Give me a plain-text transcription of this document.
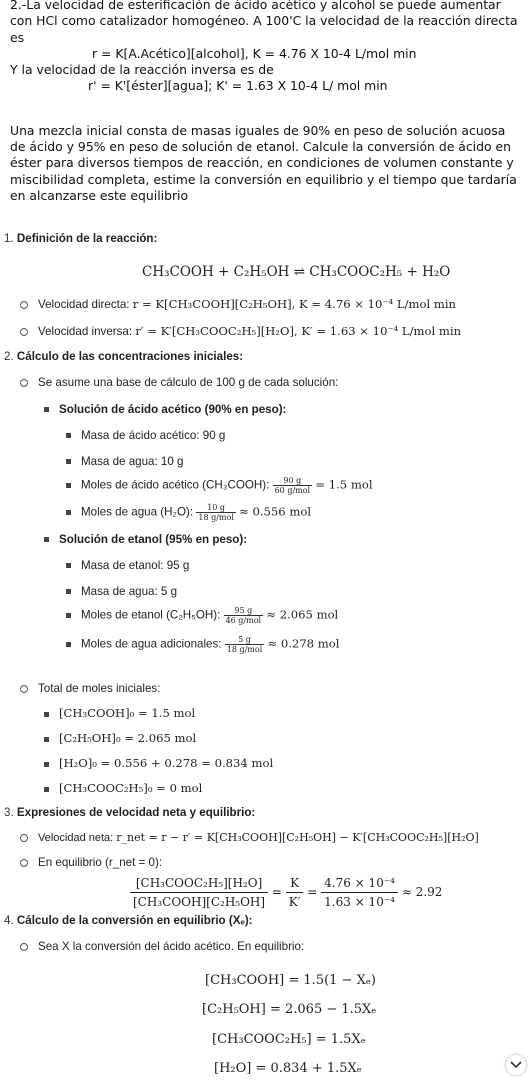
2.-La velocidad de esterificación de ácido acético y alcohol se puede aumentar con HCl como catalizador homogéneo. A 100'C la velocidad de la reacción directa es

r = K[A.Acético][alcohol], K = 4.76 X 10-4 L/mol min

Y la velocidad de la reacción inversa es de

r' = K'[éster][agua]; K' = 1.63 X 10-4 L/ mol min

Una mezcla inicial consta de masas iguales de 90% en peso de solución acuosa de ácido y 95% en peso de solución de etanol. Calcule la conversión de ácido en éster para diversos tiempos de reacción, en condiciones de volumen constante y miscibilidad completa, estime la conversión en equilibrio y el tiempo que tardaría en alcanzarse este equilibrio

1. Definición de la reacción:
CH₃COOH + C₂H₅OH ⇌ CH₃COOC₂H₅ + H₂O
Velocidad directa: r = K[CH₃COOH][C₂H₅OH], K = 4.76 × 10⁻⁴ L/mol min
Velocidad inversa: r′ = K′[CH₃COOC₂H₅][H₂O], K′ = 1.63 × 10⁻⁴ L/mol min
2. Cálculo de las concentraciones iniciales:
Se asume una base de cálculo de 100 g de cada solución:
Solución de ácido acético (90% en peso):
Masa de ácido acético: 90 g
Masa de agua: 10 g
Moles de ácido acético (CH₃COOH): $\frac{90 g}{\text{60 g/mol}} = 1.5$ mol
Moles de agua (H₂O): $\frac{10 g}{\text{18 g/mol}} \approx 0.556$ mol
Solución de etanol (95% en peso):
Masa de etanol: 95 g
Masa de agua: 5 g
Moles de etanol (C₂H₅OH): $\frac{95 g}{\text{46 g/mol}} \approx 2.065$ mol
Moles de agua adicionales: $\frac{5 g}{\text{18 g/mol}} \approx 0.278$ mol
Total de moles iniciales:
[CH₃COOH]₀ = 1.5 mol
[C₂H₅OH]₀ = 2.065 mol
[H₂O]₀ = 0.556 + 0.278 = 0.834 mol
[CH₃COOC₂H₅]₀ = 0 mol
3. Expresiones de velocidad neta y equilibrio:
Velocidad neta: r_net = r − r′ = K[CH₃COOH][C₂H₅OH] − K′[CH₃COOC₂H₅][H₂O]
En equilibrio (r_net = 0):
[CH₃COOC₂H₅][H₂O]
[CH₃COOH][C₂H₅OH]
= $\frac{K}{K'} = \frac{\text{4.76 × 10⁻⁴}}{\text{1.63 × 10⁻⁴}} \approx 2.92$
4. Cálculo de la conversión en equilibrio (Xₑ):
Sea X la conversión del ácido acético. En equilibrio:
[CH₃COOH] = 1.5(1 − Xₑ)
[C₂H₅OH] = 2.065 − 1.5Xₑ
[CH₃COOC₂H₅] = 1.5Xₑ
[H₂O] = 0.834 + 1.5Xₑ
